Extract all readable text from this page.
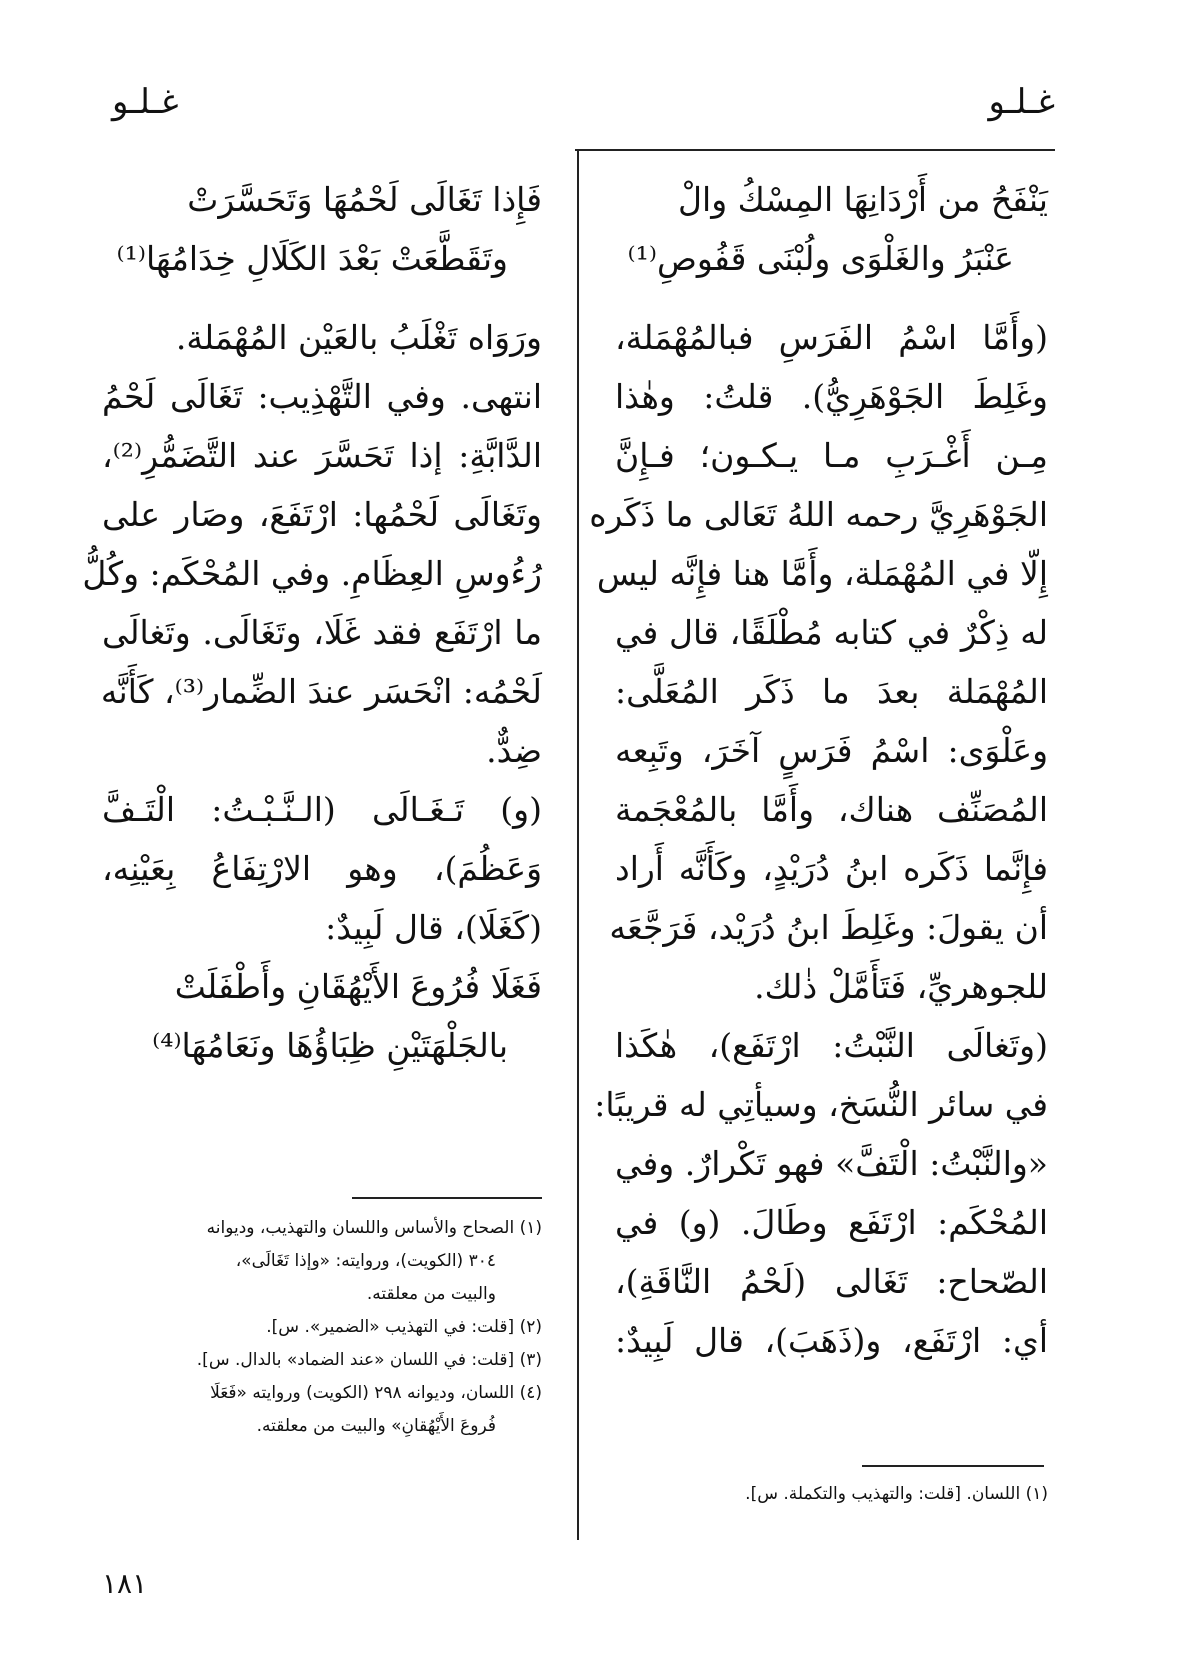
غـلـو
غـلـو
يَنْفَحُ من أَرْدَانِهَا المِسْكُ والْ
عَنْبَرُ والغَلْوَى ولُبْنَى قَفُوصِ⁽¹⁾
(وأَمَّا اسْمُ الفَرَسِ فبالمُهْمَلة،
وغَلِطَ الجَوْهَرِيُّ). قلتُ: وهٰذا
مِـن أَغْـرَبِ مـا يـكـون؛ فـإِنَّ
الجَوْهَرِيَّ رحمه اللهُ تَعَالى ما ذَكَره
إِلّا في المُهْمَلة، وأَمَّا هنا فإِنَّه ليس
له ذِكْرٌ في كتابه مُطْلَقًا، قال في
المُهْمَلة بعدَ ما ذَكَر المُعَلَّى:
وعَلْوَى: اسْمُ فَرَسٍ آخَرَ، وتَبِعه
المُصَنِّف هناك، وأَمَّا بالمُعْجَمة
فإِنَّما ذَكَره ابنُ دُرَيْدٍ، وكَأَنَّه أَراد
أن يقولَ: وغَلِطَ ابنُ دُرَيْد، فَرَجَّعَه
للجوهريِّ، فَتَأَمَّلْ ذٰلك.
(وتَغالَى النَّبْتُ: ارْتَفَع)، هٰكَذا
في سائر النُّسَخ، وسيأتِي له قريبًا:
«والنَّبْتُ: الْتَفَّ» فهو تَكْرارٌ. وفي
المُحْكَم: ارْتَفَع وطَالَ. (و) في
الصّحاح: تَغَالى (لَحْمُ النَّاقَةِ)،
أي: ارْتَفَع، و(ذَهَبَ)، قال لَبِيدٌ:
(١) اللسان. [قلت: والتهذيب والتكملة. س].
فَإِذا تَغَالَى لَحْمُهَا وَتَحَسَّرَتْ
وتَقَطَّعَتْ بَعْدَ الكَلَالِ خِدَامُهَا⁽¹⁾
ورَوَاه تَغْلَبُ بالعَيْن المُهْمَلة.
انتهى. وفي التَّهْذِيب: تَغَالَى لَحْمُ
الدَّابَّةِ: إذا تَحَسَّرَ عند التَّضَمُّرِ⁽²⁾،
وتَغَالَى لَحْمُها: ارْتَفَعَ، وصَار على
رُءُوسِ العِظَامِ. وفي المُحْكَم: وكُلُّ
ما ارْتَفَع فقد غَلَا، وتَغَالَى. وتَغالَى
لَحْمُه: انْحَسَر عندَ الضِّمار⁽³⁾، كَأَنَّه
ضِدٌّ.
(و) تَـغَـالَى (الـنَّـبْـتُ: الْتَـفَّ
وَعَظُمَ)، وهو الارْتِفَاعُ بِعَيْنِه،
(كَغَلَا)، قال لَبِيدٌ:
فَغَلَا فُرُوعَ الأَيْهُقَانِ وأَطْفَلَتْ
بالجَلْهَتَيْنِ ظِبَاؤُهَا ونَعَامُهَا⁽⁴⁾
(١) الصحاح والأساس واللسان والتهذيب، وديوانه
٣٠٤ (الكويت)، وروايته: «وإذا تَغَالَى»،
والبيت من معلقته.
(٢) [قلت: في التهذيب «الضمير». س].
(٣) [قلت: في اللسان «عند الضماد» بالدال. س].
(٤) اللسان، وديوانه ٢٩٨ (الكويت) وروايته «فَعَلَا
فُروعَ الأَيْهُقانِ» والبيت من معلقته.
١٨١
